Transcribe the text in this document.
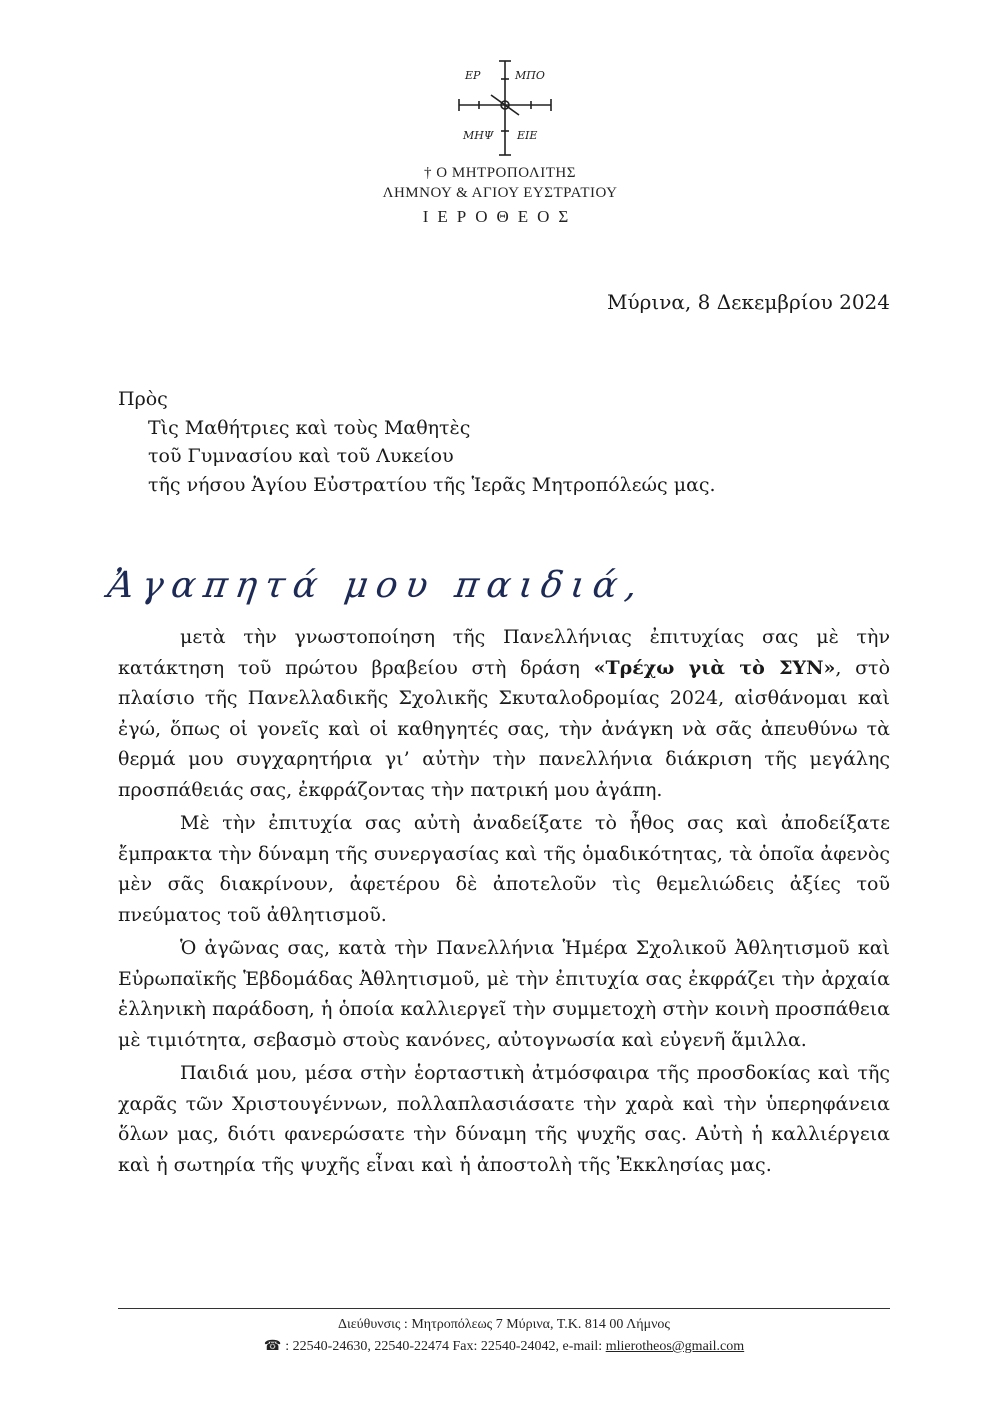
ΕΡ	ΜΠΟ
ΜΗΨ ΕΙΕ
† Ο ΜΗΤΡΟΠΟΛΙΤΗΣ
ΛΗΜΝΟΥ & ΑΓΙΟΥ ΕΥΣΤΡΑΤΙΟΥ
ΙΕΡΟΘΕΟΣ
Μύρινα, 8 Δεκεμβρίου 2024
Πρὸς
Τὶς Μαθήτριες καὶ τοὺς Μαθητὲς
τοῦ Γυμνασίου καὶ τοῦ Λυκείου
τῆς νήσου Ἁγίου Εὐστρατίου τῆς Ἱερᾶς Μητροπόλεώς μας.
Ἀγαπητά μου παιδιά,

μετὰ τὴν γνωστοποίηση τῆς Πανελλήνιας ἐπιτυχίας σας μὲ τὴν κατάκτηση τοῦ πρώτου βραβείου στὴ δράση «Τρέχω γιὰ τὸ ΣΥΝ», στὸ πλαίσιο τῆς Πανελλαδικῆς Σχολικῆς Σκυταλοδρομίας 2024, αἰσθάνομαι καὶ ἐγώ, ὅπως οἱ γονεῖς καὶ οἱ καθηγητές σας, τὴν ἀνάγκη νὰ σᾶς ἀπευθύνω τὰ θερμά μου συγχαρητήρια γι’ αὐτὴν τὴν πανελλήνια διάκριση τῆς μεγάλης προσπάθειάς σας, ἐκφράζοντας τὴν πατρική μου ἀγάπη.

Μὲ τὴν ἐπιτυχία σας αὐτὴ ἀναδείξατε τὸ ἦθος σας καὶ ἀποδείξατε ἔμπρακτα τὴν δύναμη τῆς συνεργασίας καὶ τῆς ὁμαδικότητας, τὰ ὁποῖα ἀφενὸς μὲν σᾶς διακρίνουν, ἀφετέρου δὲ ἀποτελοῦν τὶς θεμελιώδεις ἀξίες τοῦ πνεύματος τοῦ ἀθλητισμοῦ.

Ὁ ἀγῶνας σας, κατὰ τὴν Πανελλήνια Ἡμέρα Σχολικοῦ Ἀθλητισμοῦ καὶ Εὐρωπαϊκῆς Ἑβδομάδας Ἀθλητισμοῦ, μὲ τὴν ἐπιτυχία σας ἐκφράζει τὴν ἀρχαία ἑλληνικὴ παράδοση, ἡ ὁποία καλλιεργεῖ τὴν συμμετοχὴ στὴν κοινὴ προσπάθεια μὲ τιμιότητα, σεβασμὸ στοὺς κανόνες, αὐτογνωσία καὶ εὐγενῆ ἅμιλλα.

Παιδιά μου, μέσα στὴν ἑορταστικὴ ἀτμόσφαιρα τῆς προσδοκίας καὶ τῆς χαρᾶς τῶν Χριστουγέννων, πολλαπλασιάσατε τὴν χαρὰ καὶ τὴν ὑπερηφάνεια ὅλων μας, διότι φανερώσατε τὴν δύναμη τῆς ψυχῆς σας. Αὐτὴ ἡ καλλιέργεια καὶ ἡ σωτηρία τῆς ψυχῆς εἶναι καὶ ἡ ἀποστολὴ τῆς Ἐκκλησίας μας.

Διεύθυνσις : Μητροπόλεως 7 Μύρινα, Τ.Κ. 814 00 Λήμνος
☎ : 22540-24630, 22540-22474 Fax: 22540-24042, e-mail: mlierotheos@gmail.com
